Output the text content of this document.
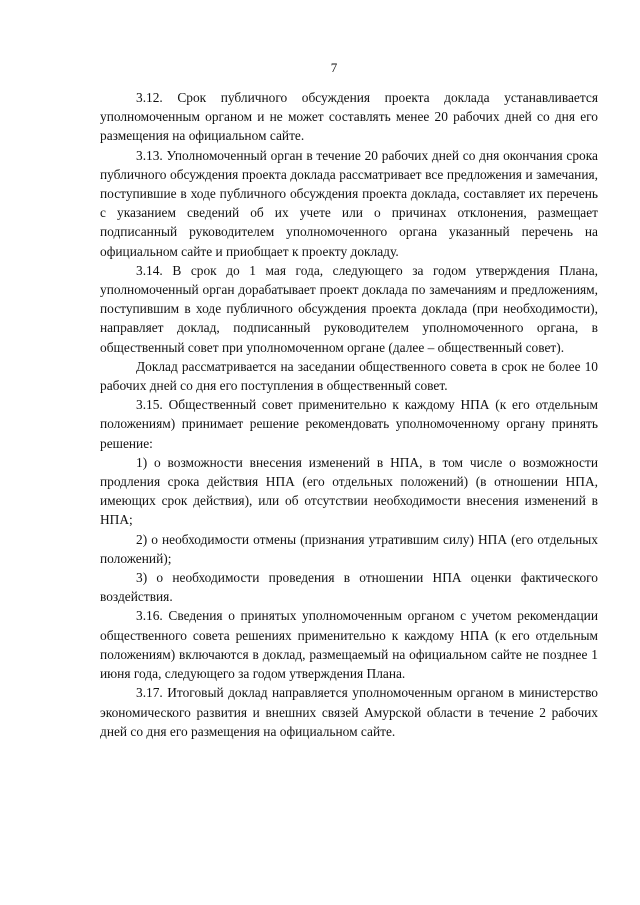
7

3.12. Срок публичного обсуждения проекта доклада устанавливается уполномоченным органом и не может составлять менее 20 рабочих дней со дня его размещения на официальном сайте.

3.13. Уполномоченный орган в течение 20 рабочих дней со дня окончания срока публичного обсуждения проекта доклада рассматривает все предложения и замечания, поступившие в ходе публичного обсуждения проекта доклада, составляет их перечень с указанием сведений об их учете или о причинах отклонения, размещает подписанный руководителем уполномоченного органа указанный перечень на официальном сайте и приобщает к проекту докладу.

3.14. В срок до 1 мая года, следующего за годом утверждения Плана, уполномоченный орган дорабатывает проект доклада по замечаниям и предложениям, поступившим в ходе публичного обсуждения проекта доклада (при необходимости), направляет доклад, подписанный руководителем уполномоченного органа, в общественный совет при уполномоченном органе (далее – общественный совет).

Доклад рассматривается на заседании общественного совета в срок не более 10 рабочих дней со дня его поступления в общественный совет.

3.15. Общественный совет применительно к каждому НПА (к его отдельным положениям) принимает решение рекомендовать уполномоченному органу принять решение:

1) о возможности внесения изменений в НПА, в том числе о возможности продления срока действия НПА (его отдельных положений) (в отношении НПА, имеющих срок действия), или об отсутствии необходимости внесения изменений в НПА;

2) о необходимости отмены (признания утратившим силу) НПА (его отдельных положений);

3) о необходимости проведения в отношении НПА оценки фактического воздействия.

3.16. Сведения о принятых уполномоченным органом с учетом рекомендации общественного совета решениях применительно к каждому НПА (к его отдельным положениям) включаются в доклад, размещаемый на официальном сайте не позднее 1 июня года, следующего за годом утверждения Плана.

3.17. Итоговый доклад направляется уполномоченным органом в министерство экономического развития и внешних связей Амурской области в течение 2 рабочих дней со дня его размещения на официальном сайте.
